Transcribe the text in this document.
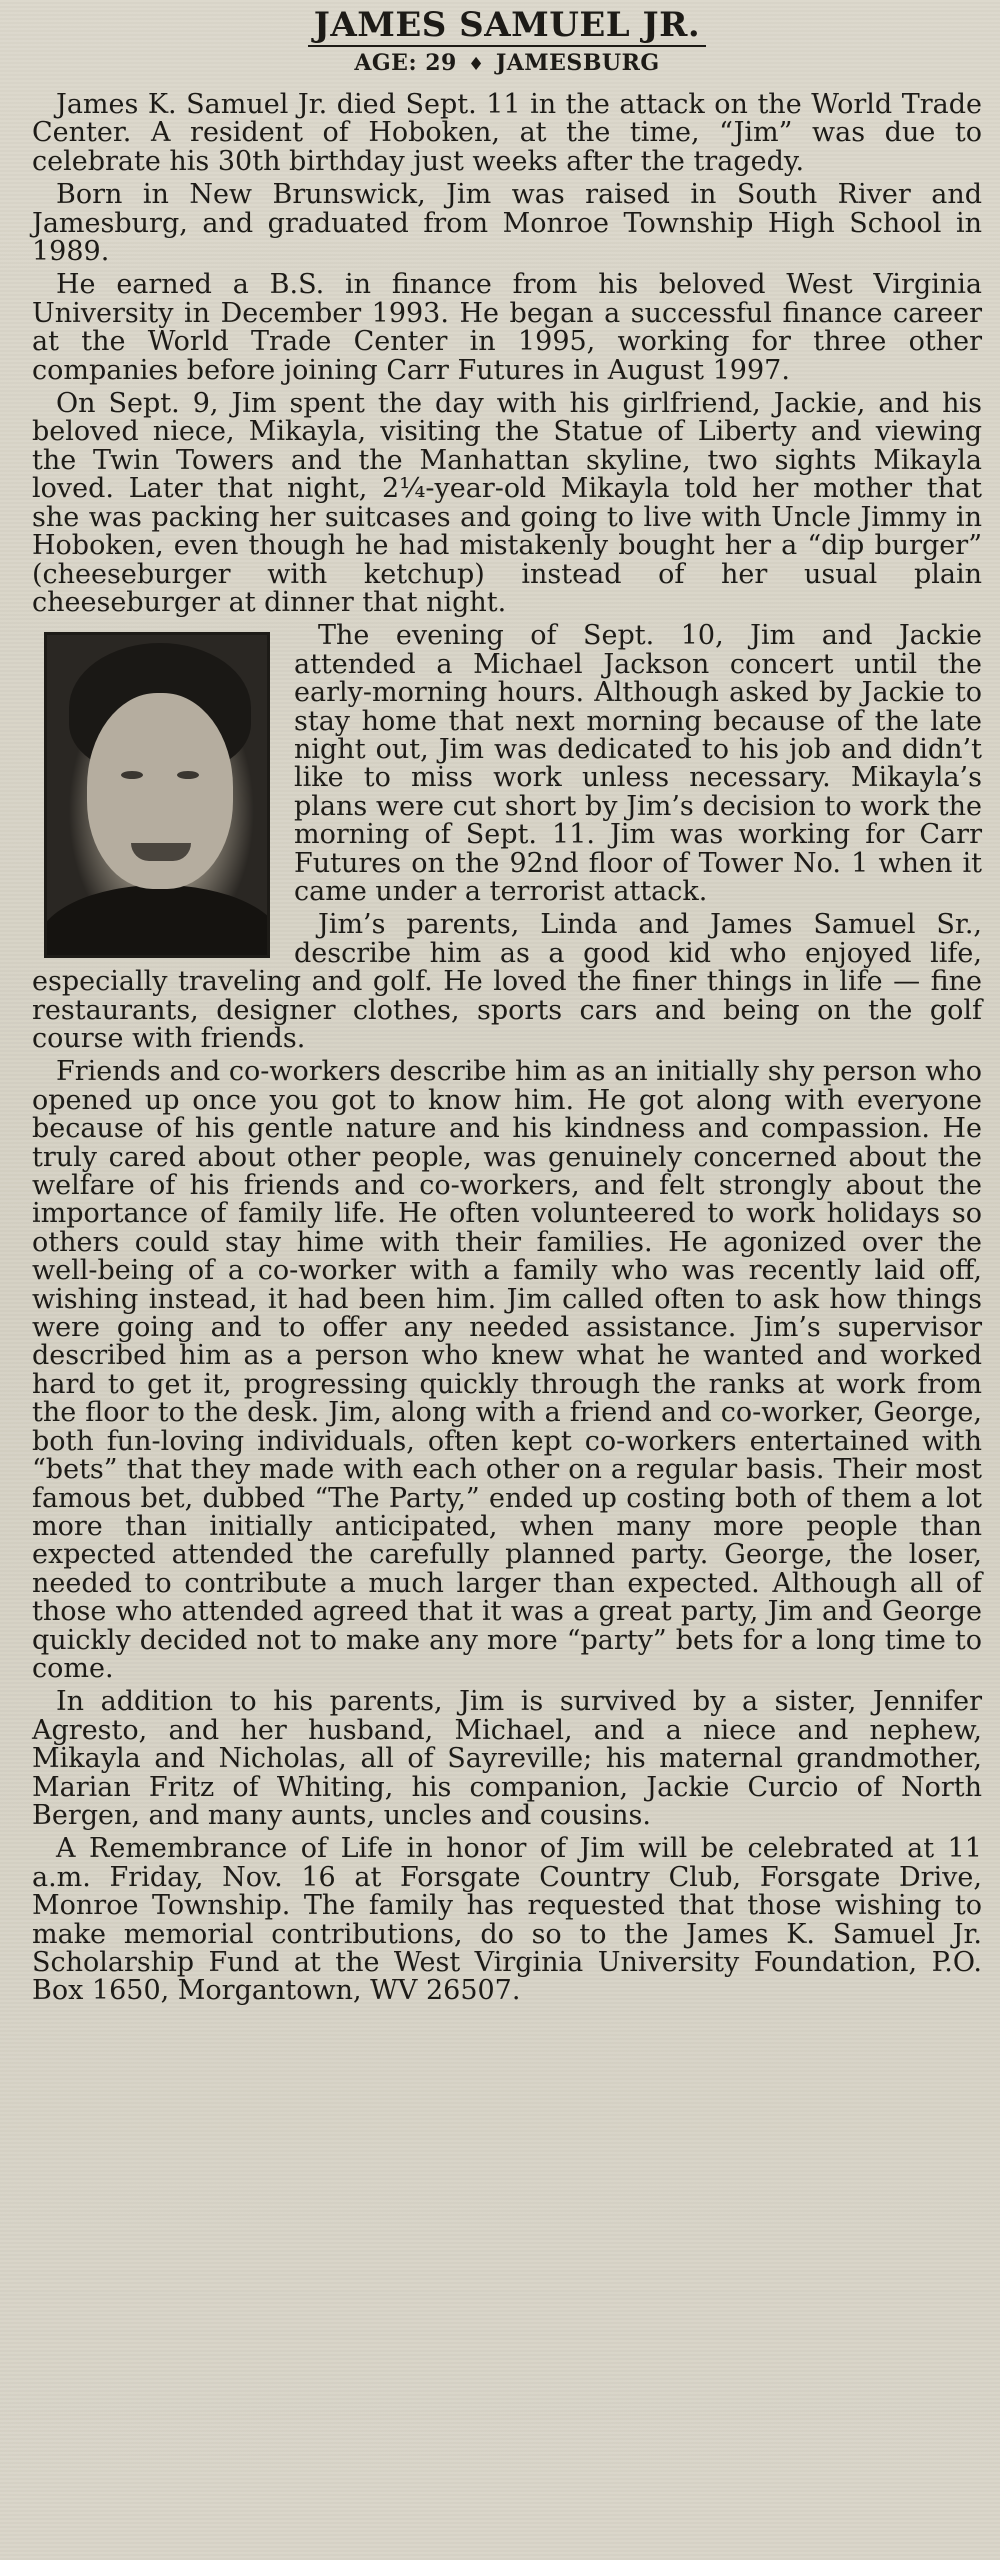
JAMES SAMUEL JR.
AGE: 29 ♦ JAMESBURG

James K. Samuel Jr. died Sept. 11 in the attack on the World Trade Center. A resident of Hoboken, at the time, “Jim” was due to celebrate his 30th birthday just weeks after the tragedy.

Born in New Brunswick, Jim was raised in South River and Jamesburg, and graduated from Monroe Township High School in 1989.

He earned a B.S. in finance from his beloved West Virginia University in December 1993. He began a successful finance career at the World Trade Center in 1995, working for three other companies before joining Carr Futures in August 1997.

On Sept. 9, Jim spent the day with his girlfriend, Jackie, and his beloved niece, Mikayla, visiting the Statue of Liberty and viewing the Twin Towers and the Manhattan skyline, two sights Mikayla loved. Later that night, 2¼-year-old Mikayla told her mother that she was packing her suitcases and going to live with Uncle Jimmy in Hoboken, even though he had mistakenly bought her a “dip burger” (cheeseburger with ketchup) instead of her usual plain cheeseburger at dinner that night.

The evening of Sept. 10, Jim and Jackie attended a Michael Jackson concert until the early-morning hours. Although asked by Jackie to stay home that next morning because of the late night out, Jim was dedicated to his job and didn’t like to miss work unless necessary. Mikayla’s plans were cut short by Jim’s decision to work the morning of Sept. 11. Jim was working for Carr Futures on the 92nd floor of Tower No. 1 when it came under a terrorist attack.

Jim’s parents, Linda and James Samuel Sr., describe him as a good kid who enjoyed life, especially traveling and golf. He loved the finer things in life — fine restaurants, designer clothes, sports cars and being on the golf course with friends.

Friends and co-workers describe him as an initially shy person who opened up once you got to know him. He got along with everyone because of his gentle nature and his kindness and compassion. He truly cared about other people, was genuinely concerned about the welfare of his friends and co-workers, and felt strongly about the importance of family life. He often volunteered to work holidays so others could stay hime with their families. He agonized over the well-being of a co-worker with a family who was recently laid off, wishing instead, it had been him. Jim called often to ask how things were going and to offer any needed assistance. Jim’s supervisor described him as a person who knew what he wanted and worked hard to get it, progressing quickly through the ranks at work from the floor to the desk. Jim, along with a friend and co-worker, George, both fun-loving individuals, often kept co-workers entertained with “bets” that they made with each other on a regular basis. Their most famous bet, dubbed “The Party,” ended up costing both of them a lot more than initially anticipated, when many more people than expected attended the carefully planned party. George, the loser, needed to contribute a much larger than expected. Although all of those who attended agreed that it was a great party, Jim and George quickly decided not to make any more “party” bets for a long time to come.

In addition to his parents, Jim is survived by a sister, Jennifer Agresto, and her husband, Michael, and a niece and nephew, Mikayla and Nicholas, all of Sayreville; his maternal grandmother, Marian Fritz of Whiting, his companion, Jackie Curcio of North Bergen, and many aunts, uncles and cousins.

A Remembrance of Life in honor of Jim will be celebrated at 11 a.m. Friday, Nov. 16 at Forsgate Country Club, Forsgate Drive, Monroe Township. The family has requested that those wishing to make memorial contributions, do so to the James K. Samuel Jr. Scholarship Fund at the West Virginia University Foundation, P.O. Box 1650, Morgantown, WV 26507.
